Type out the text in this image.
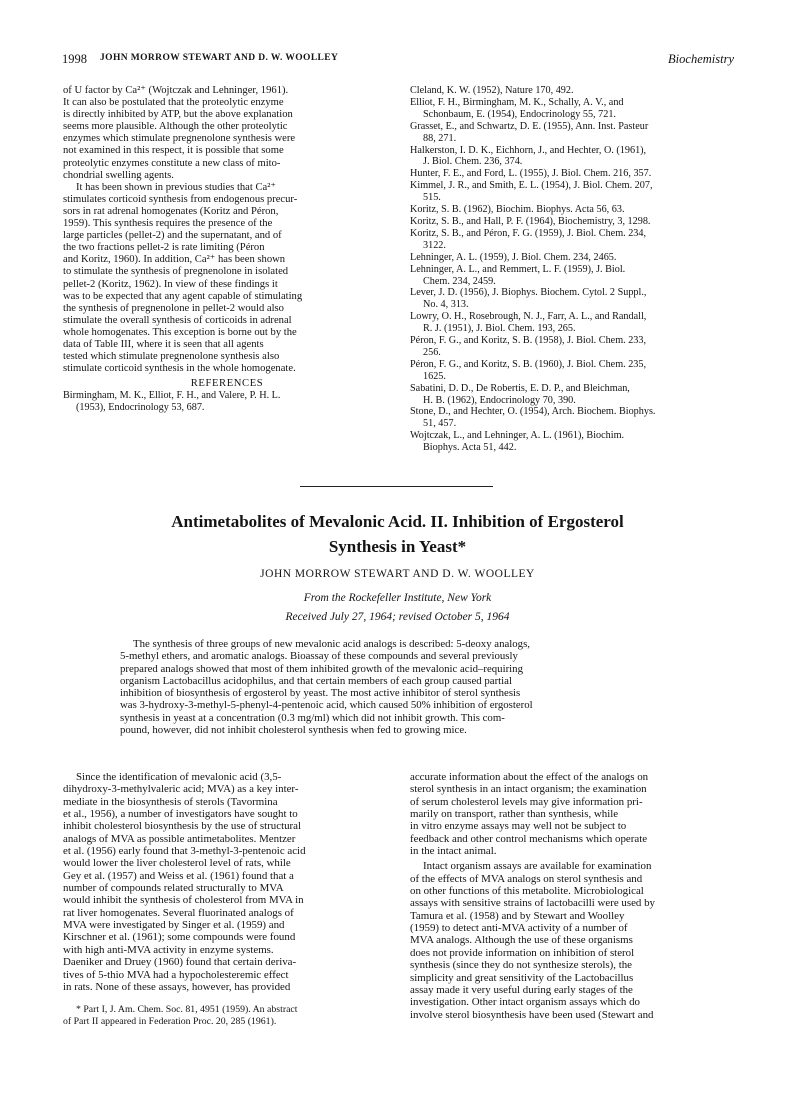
1998 JOHN MORROW STEWART AND D. W. WOOLLEY	Biochemistry
of U factor by Ca²⁺ (Wojtczak and Lehninger, 1961).
It can also be postulated that the proteolytic enzyme
is directly inhibited by ATP, but the above explanation
seems more plausible. Although the other proteolytic
enzymes which stimulate pregnenolone synthesis were
not examined in this respect, it is possible that some
proteolytic enzymes constitute a new class of mito-
chondrial swelling agents.
It has been shown in previous studies that Ca²⁺
stimulates corticoid synthesis from endogenous precur-
sors in rat adrenal homogenates (Koritz and Péron,
1959). This synthesis requires the presence of the
large particles (pellet-2) and the supernatant, and of
the two fractions pellet-2 is rate limiting (Péron
and Koritz, 1960). In addition, Ca²⁺ has been shown
to stimulate the synthesis of pregnenolone in isolated
pellet-2 (Koritz, 1962). In view of these findings it
was to be expected that any agent capable of stimulating
the synthesis of pregnenolone in pellet-2 would also
stimulate the overall synthesis of corticoids in adrenal
whole homogenates. This exception is borne out by the
data of Table III, where it is seen that all agents
tested which stimulate pregnenolone synthesis also
stimulate corticoid synthesis in the whole homogenate.
REFERENCES
Birmingham, M. K., Elliot, F. H., and Valere, P. H. L.
(1953), Endocrinology 53, 687.
Cleland, K. W. (1952), Nature 170, 492.
Elliot, F. H., Birmingham, M. K., Schally, A. V., and
Schonbaum, E. (1954), Endocrinology 55, 721.
Grasset, E., and Schwartz, D. E. (1955), Ann. Inst. Pasteur
88, 271.
Halkerston, I. D. K., Eichhorn, J., and Hechter, O. (1961),
J. Biol. Chem. 236, 374.
Hunter, F. E., and Ford, L. (1955), J. Biol. Chem. 216, 357.
Kimmel, J. R., and Smith, E. L. (1954), J. Biol. Chem. 207,
515.
Koritz, S. B. (1962), Biochim. Biophys. Acta 56, 63.
Koritz, S. B., and Hall, P. F. (1964), Biochemistry, 3, 1298.
Koritz, S. B., and Péron, F. G. (1959), J. Biol. Chem. 234,
3122.
Lehninger, A. L. (1959), J. Biol. Chem. 234, 2465.
Lehninger, A. L., and Remmert, L. F. (1959), J. Biol.
Chem. 234, 2459.
Lever, J. D. (1956), J. Biophys. Biochem. Cytol. 2 Suppl.,
No. 4, 313.
Lowry, O. H., Rosebrough, N. J., Farr, A. L., and Randall,
R. J. (1951), J. Biol. Chem. 193, 265.
Péron, F. G., and Koritz, S. B. (1958), J. Biol. Chem. 233,
256.
Péron, F. G., and Koritz, S. B. (1960), J. Biol. Chem. 235,
1625.
Sabatini, D. D., De Robertis, E. D. P., and Bleichman,
H. B. (1962), Endocrinology 70, 390.
Stone, D., and Hechter, O. (1954), Arch. Biochem. Biophys.
51, 457.
Wojtczak, L., and Lehninger, A. L. (1961), Biochim.
Biophys. Acta 51, 442.
Antimetabolites of Mevalonic Acid. II. Inhibition of Ergosterol
Synthesis in Yeast*
JOHN MORROW STEWART AND D. W. WOOLLEY
From the Rockefeller Institute, New York
Received July 27, 1964; revised October 5, 1964
The synthesis of three groups of new mevalonic acid analogs is described: 5-deoxy analogs,
5-methyl ethers, and aromatic analogs. Bioassay of these compounds and several previously
prepared analogs showed that most of them inhibited growth of the mevalonic acid–requiring
organism Lactobacillus acidophilus, and that certain members of each group caused partial
inhibition of biosynthesis of ergosterol by yeast. The most active inhibitor of sterol synthesis
was 3-hydroxy-3-methyl-5-phenyl-4-pentenoic acid, which caused 50% inhibition of ergosterol
synthesis in yeast at a concentration (0.3 mg/ml) which did not inhibit growth. This com-
pound, however, did not inhibit cholesterol synthesis when fed to growing mice.
Since the identification of mevalonic acid (3,5-
dihydroxy-3-methylvaleric acid; MVA) as a key inter-
mediate in the biosynthesis of sterols (Tavormina
et al., 1956), a number of investigators have sought to
inhibit cholesterol biosynthesis by the use of structural
analogs of MVA as possible antimetabolites. Mentzer
et al. (1956) early found that 3-methyl-3-pentenoic acid
would lower the liver cholesterol level of rats, while
Gey et al. (1957) and Weiss et al. (1961) found that a
number of compounds related structurally to MVA
would inhibit the synthesis of cholesterol from MVA in
rat liver homogenates. Several fluorinated analogs of
MVA were investigated by Singer et al. (1959) and
Kirschner et al. (1961); some compounds were found
with high anti-MVA activity in enzyme systems.
Daeniker and Druey (1960) found that certain deriva-
tives of 5-thio MVA had a hypocholesteremic effect
in rats. None of these assays, however, has provided
* Part I, J. Am. Chem. Soc. 81, 4951 (1959). An abstract
of Part II appeared in Federation Proc. 20, 285 (1961).
accurate information about the effect of the analogs on
sterol synthesis in an intact organism; the examination
of serum cholesterol levels may give information pri-
marily on transport, rather than synthesis, while
in vitro enzyme assays may well not be subject to
feedback and other control mechanisms which operate
in the intact animal.
Intact organism assays are available for examination
of the effects of MVA analogs on sterol synthesis and
on other functions of this metabolite. Microbiological
assays with sensitive strains of lactobacilli were used by
Tamura et al. (1958) and by Stewart and Woolley
(1959) to detect anti-MVA activity of a number of
MVA analogs. Although the use of these organisms
does not provide information on inhibition of sterol
synthesis (since they do not synthesize sterols), the
simplicity and great sensitivity of the Lactobacillus
assay made it very useful during early stages of the
investigation. Other intact organism assays which do
involve sterol biosynthesis have been used (Stewart and
